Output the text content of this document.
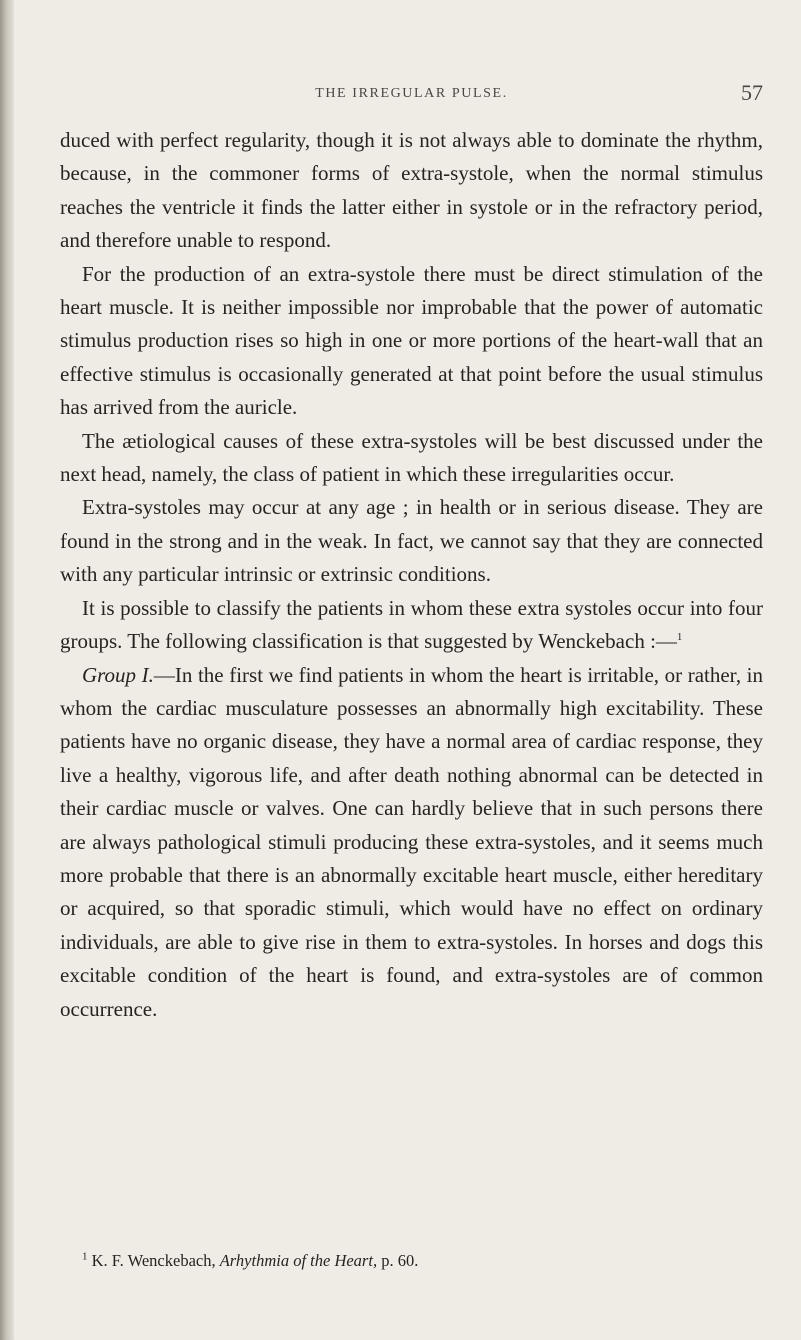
THE IRREGULAR PULSE.	57

duced with perfect regularity, though it is not always able to dominate the rhythm, because, in the commoner forms of extra-systole, when the normal stimulus reaches the ventricle it finds the latter either in systole or in the refractory period, and therefore unable to respond.

For the production of an extra-systole there must be direct stimulation of the heart muscle. It is neither impossible nor improbable that the power of automatic stimulus production rises so high in one or more portions of the heart-wall that an effective stimulus is occasionally generated at that point before the usual stimulus has arrived from the auricle.

The ætiological causes of these extra-systoles will be best discussed under the next head, namely, the class of patient in which these irregularities occur.

Extra-systoles may occur at any age ; in health or in serious disease. They are found in the strong and in the weak. In fact, we cannot say that they are connected with any particular intrinsic or extrinsic conditions.

It is possible to classify the patients in whom these extra systoles occur into four groups. The following classification is that suggested by Wenckebach :—$^1$

Group I.—In the first we find patients in whom the heart is irritable, or rather, in whom the cardiac musculature possesses an abnormally high excitability. These patients have no organic disease, they have a normal area of cardiac response, they live a healthy, vigorous life, and after death nothing abnormal can be detected in their cardiac muscle or valves. One can hardly believe that in such persons there are always pathological stimuli producing these extra-systoles, and it seems much more probable that there is an abnormally excitable heart muscle, either hereditary or acquired, so that sporadic stimuli, which would have no effect on ordinary individuals, are able to give rise in them to extra-systoles. In horses and dogs this excitable condition of the heart is found, and extra-systoles are of common occurrence.

$^1$ K. F. Wenckebach, Arhythmia of the Heart, p. 60.
